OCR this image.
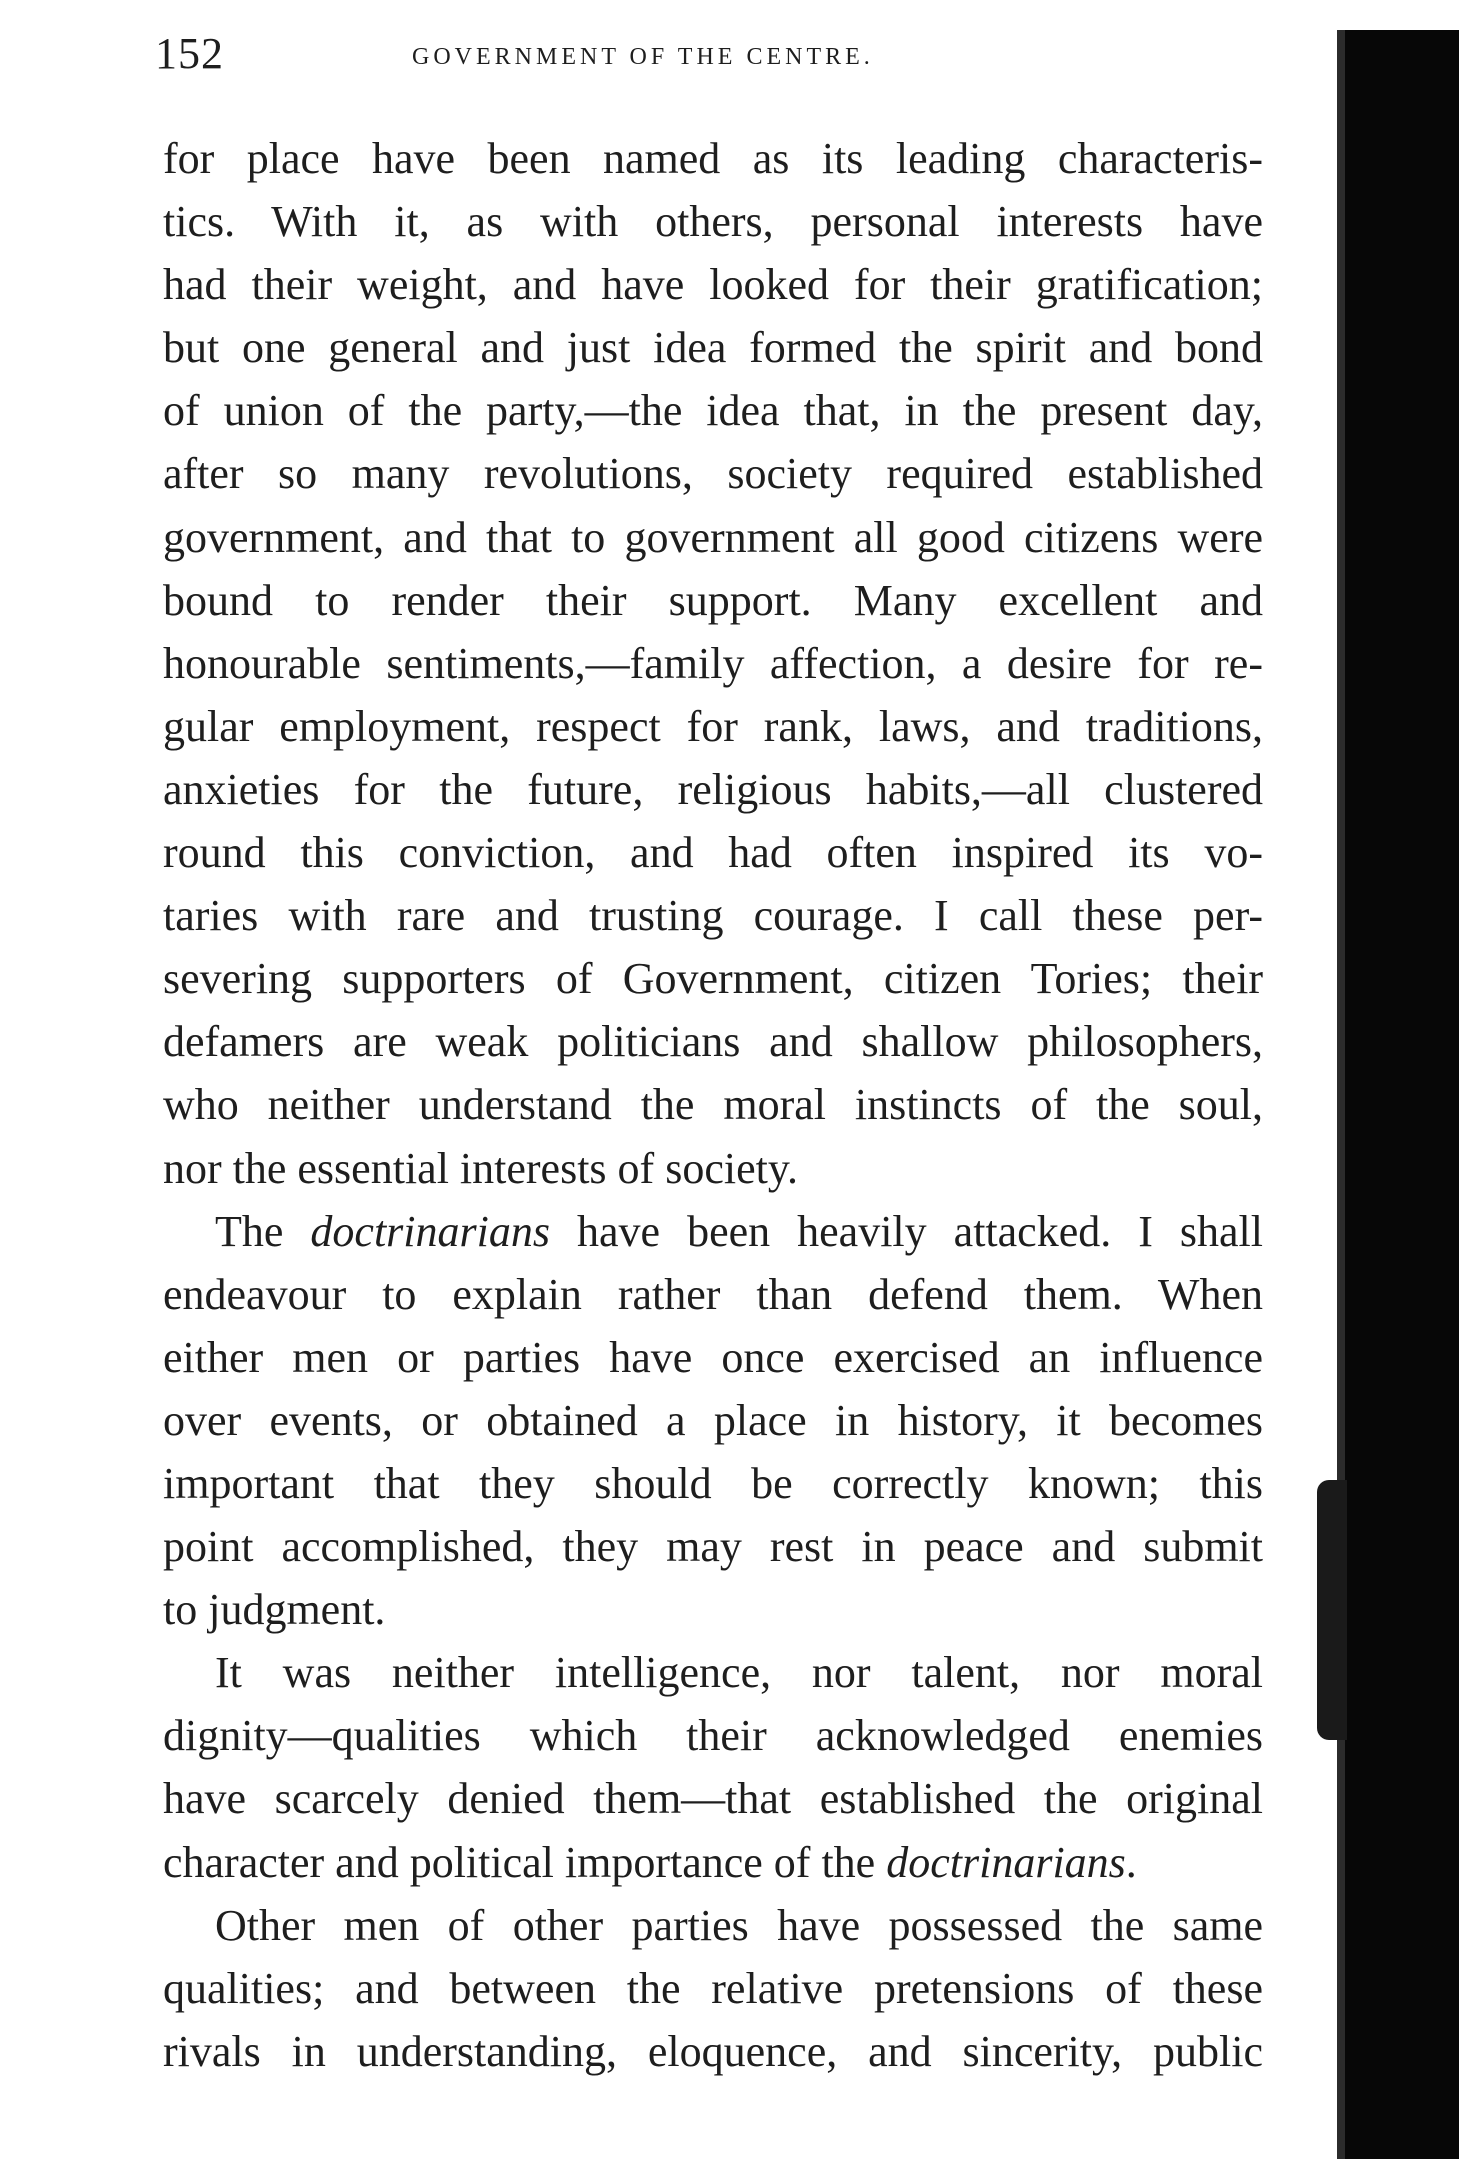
152	GOVERNMENT OF THE CENTRE.
for place have been named as its leading characteris-
tics. With it, as with others, personal interests have
had their weight, and have looked for their gratification;
but one general and just idea formed the spirit and bond
of union of the party,—the idea that, in the present day,
after so many revolutions, society required established
government, and that to government all good citizens were
bound to render their support. Many excellent and
honourable sentiments,—family affection, a desire for re-
gular employment, respect for rank, laws, and traditions,
anxieties for the future, religious habits,—all clustered
round this conviction, and had often inspired its vo-
taries with rare and trusting courage. I call these per-
severing supporters of Government, citizen Tories; their
defamers are weak politicians and shallow philosophers,
who neither understand the moral instincts of the soul,
nor the essential interests of society.
The doctrinarians have been heavily attacked. I shall
endeavour to explain rather than defend them. When
either men or parties have once exercised an influence
over events, or obtained a place in history, it becomes
important that they should be correctly known; this
point accomplished, they may rest in peace and submit
to judgment.
It was neither intelligence, nor talent, nor moral
dignity—qualities which their acknowledged enemies
have scarcely denied them—that established the original
character and political importance of the doctrinarians.
Other men of other parties have possessed the same
qualities; and between the relative pretensions of these
rivals in understanding, eloquence, and sincerity, public
